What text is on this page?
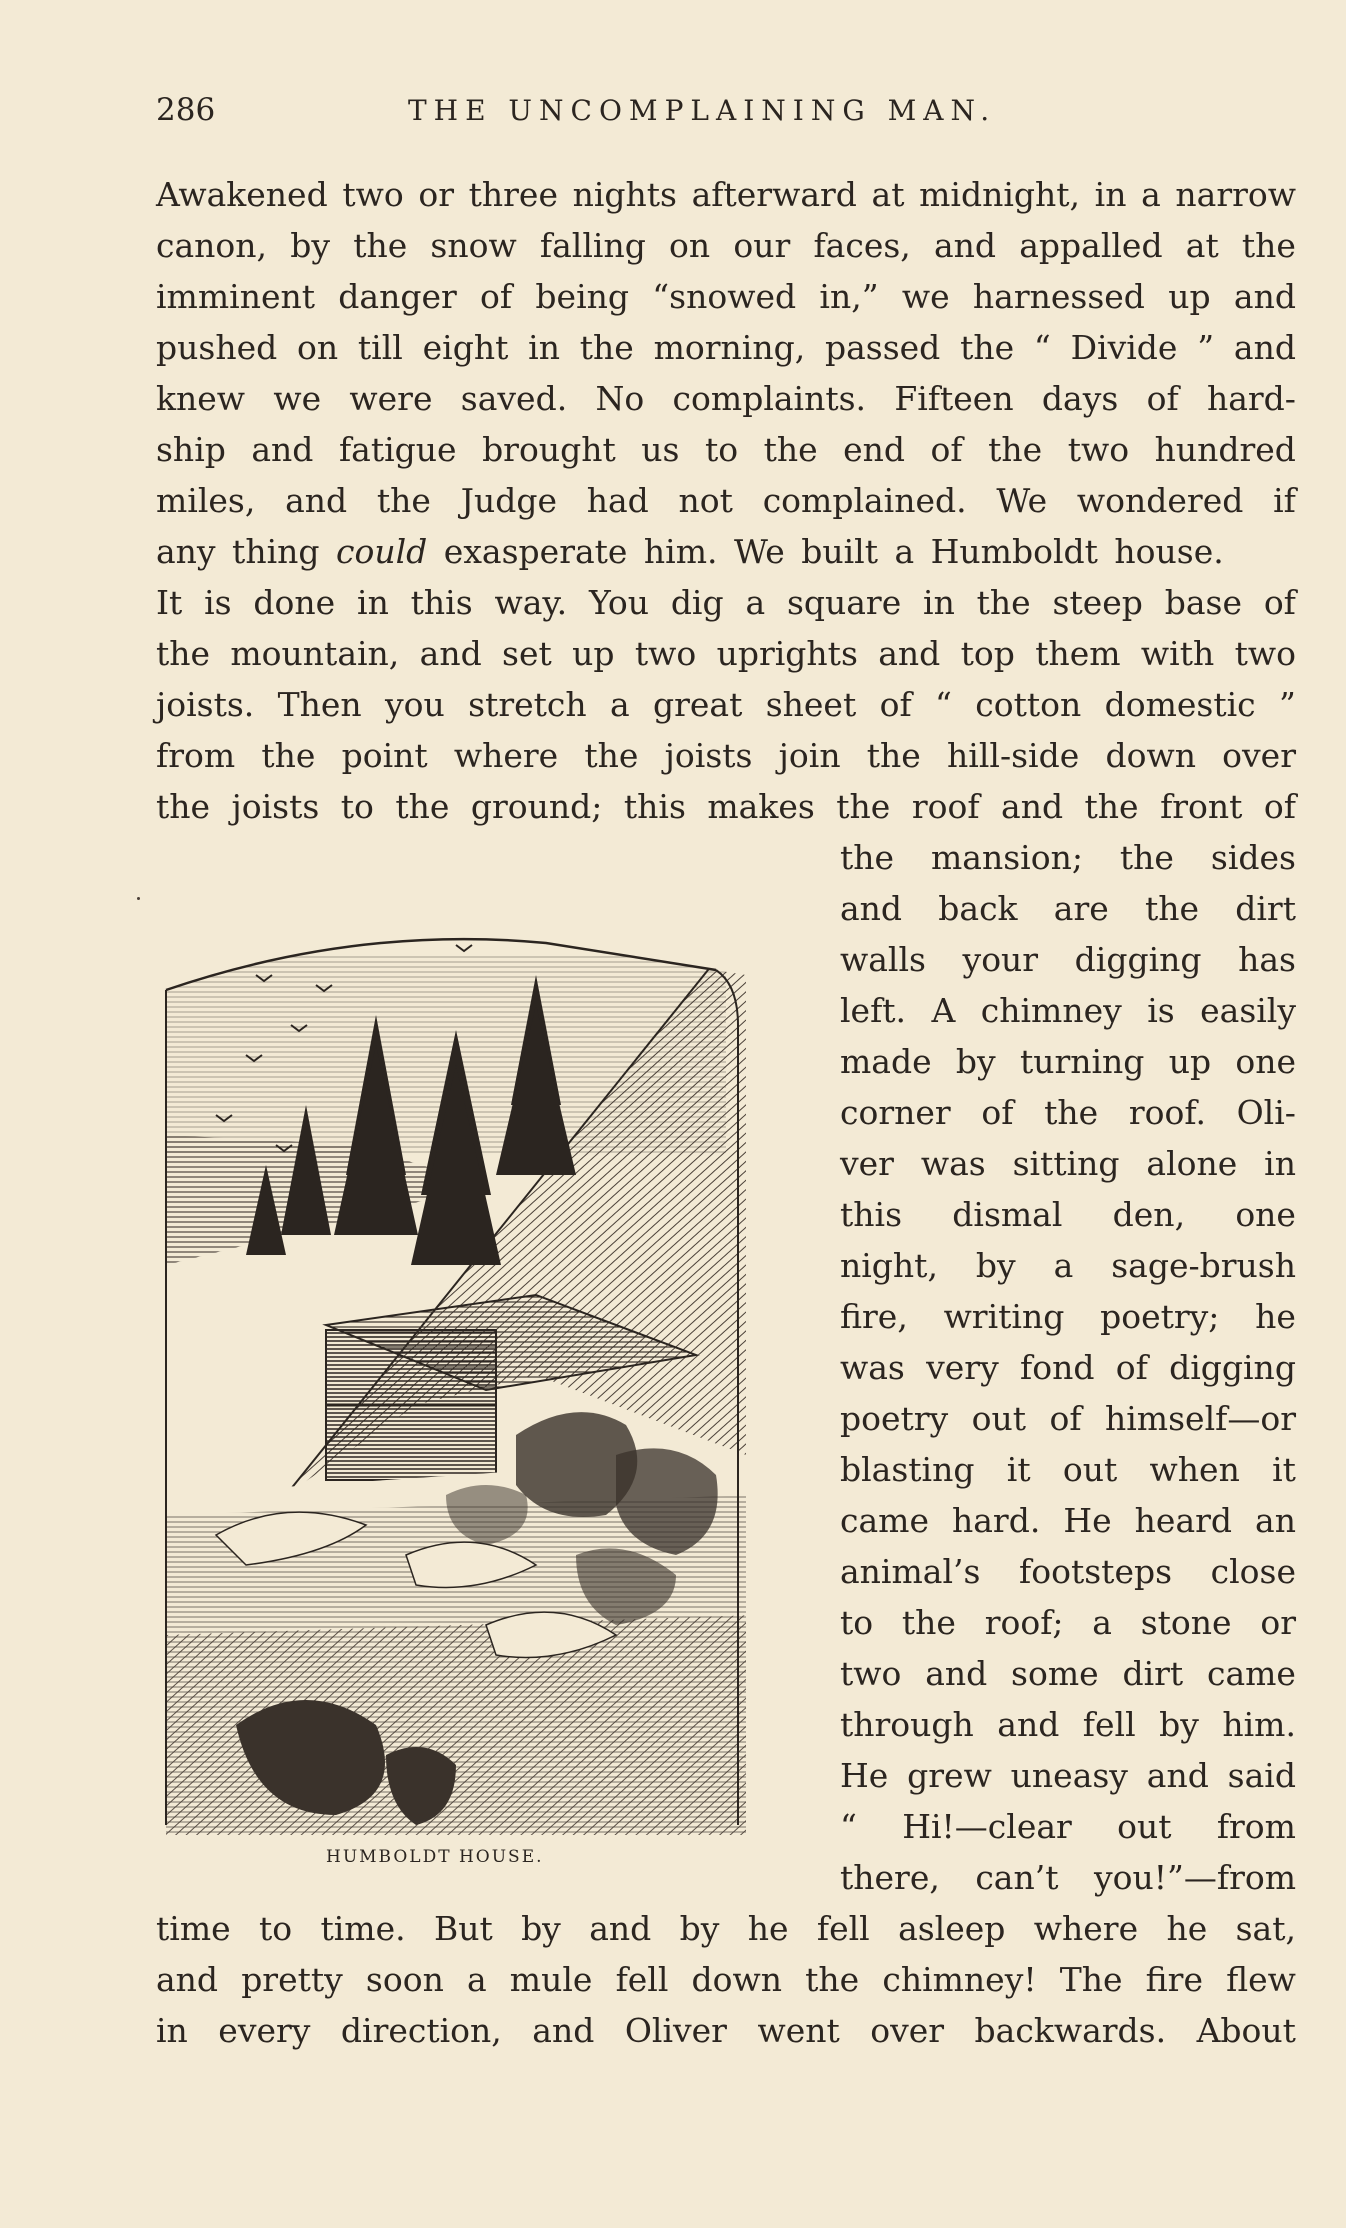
286	THE UNCOMPLAINING MAN.
Awakened two or three nights afterward at midnight, in a narrow
canon, by the snow falling on our faces, and appalled at the
imminent danger of being “snowed in,” we harnessed up and
pushed on till eight in the morning, passed the “ Divide ” and
knew we were saved. No complaints. Fifteen days of hard-
ship and fatigue brought us to the end of the two hundred
miles, and the Judge had not complained. We wondered if
any thing could exasperate him. We built a Humboldt house.
It is done in this way. You dig a square in the steep base of
the mountain, and set up two uprights and top them with two
joists. Then you stretch a great sheet of “ cotton domestic ”
from the point where the joists join the hill-side down over
the joists to the ground; this makes the roof and the front of
the mansion; the sides
and back are the dirt
walls your digging has
left. A chimney is easily
made by turning up one
corner of the roof. Oli-
ver was sitting alone in
this dismal den, one
night, by a sage-brush
fire, writing poetry; he
was very fond of digging
poetry out of himself—or
blasting it out when it
came hard. He heard an
animal’s footsteps close
to the roof; a stone or
two and some dirt came
through and fell by him.
He grew uneasy and said
“ Hi!—clear out from
there, can’t you!”—from
time to time. But by and by he fell asleep where he sat,
and pretty soon a mule fell down the chimney! The fire flew
in every direction, and Oliver went over backwards. About
HUMBOLDT HOUSE.
